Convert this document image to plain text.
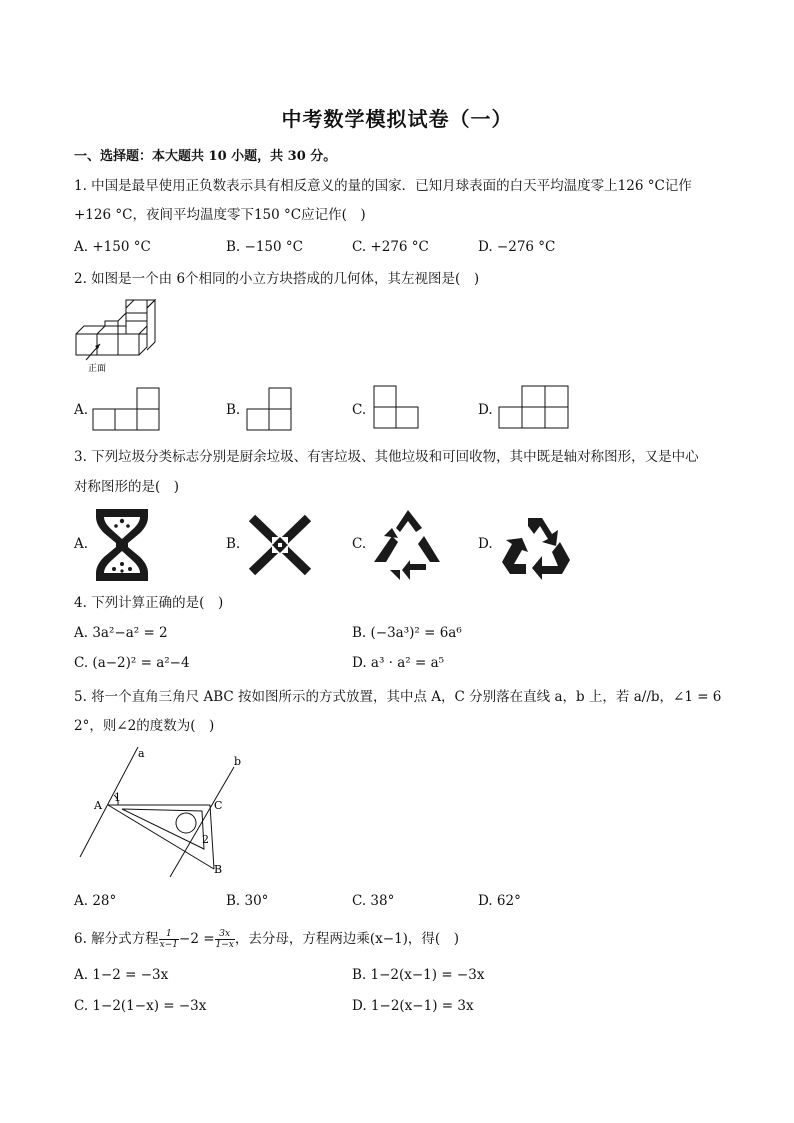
中考数学模拟试卷（一）
一、选择题：本大题共 10 小题，共 30 分。
1. 中国是最早使用正负数表示具有相反意义的量的国家．已知月球表面的白天平均温度零上126 °C记作
+126 °C，夜间平均温度零下150 °C应记作(　)
A. +150 °C	B. −150 °C	C. +276 °C	D. −276 °C
2. 如图是一个由 6个相同的小立方块搭成的几何体，其左视图是(　)
正面
A.	B.	C.	D.
3. 下列垃圾分类标志分别是厨余垃圾、有害垃圾、其他垃圾和可回收物，其中既是轴对称图形，又是中心
对称图形的是(　)
A.	B.	C.	D.
4. 下列计算正确的是(　)
A. 3a²−a² = 2	B. (−3a³)² = 6a⁶
C. (a−2)² = a²−4	D. a³ · a² = a⁵
5. 将一个直角三角尺 ABC 按如图所示的方式放置，其中点 A，C 分别落在直线 a，b 上，若 a//b，∠1 = 6
2°，则∠2的度数为(　)
a
b
A	C
B
1
2
A. 28°	B. 30°	C. 38°	D. 62°
6. 解分式方程 $\frac{1}{x-1} -2 = \frac{3x}{1-x}$ ，去分母，方程两边乘(x−1)，得(　)
A. 1−2 = −3x	B. 1−2(x−1) = −3x
C. 1−2(1−x) = −3x	D. 1−2(x−1) = 3x
